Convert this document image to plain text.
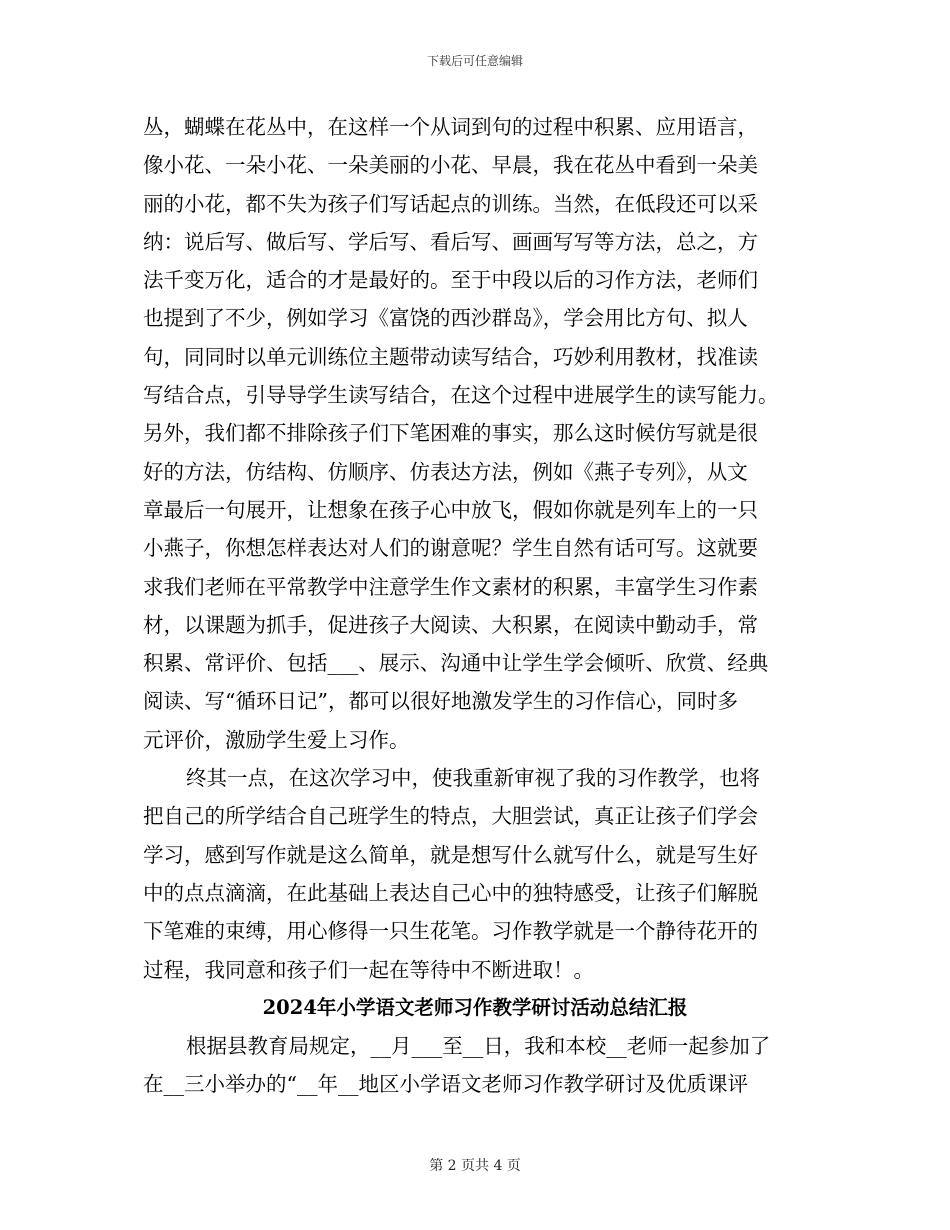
下载后可任意编辑
丛，蝴蝶在花丛中，在这样一个从词到句的过程中积累、应用语言，
像小花、一朵小花、一朵美丽的小花、早晨，我在花丛中看到一朵美
丽的小花，都不失为孩子们写话起点的训练。当然，在低段还可以采
纳：说后写、做后写、学后写、看后写、画画写写等方法，总之，方
法千变万化，适合的才是最好的。至于中段以后的习作方法，老师们
也提到了不少，例如学习《富饶的西沙群岛》，学会用比方句、拟人
句，同同时以单元训练位主题带动读写结合，巧妙利用教材，找准读
写结合点，引导导学生读写结合，在这个过程中进展学生的读写能力。
另外，我们都不排除孩子们下笔困难的事实，那么这时候仿写就是很
好的方法，仿结构、仿顺序、仿表达方法，例如《燕子专列》，从文
章最后一句展开，让想象在孩子心中放飞，假如你就是列车上的一只
小燕子，你想怎样表达对人们的谢意呢？学生自然有话可写。这就要
求我们老师在平常教学中注意学生作文素材的积累，丰富学生习作素
材，以课题为抓手，促进孩子大阅读、大积累，在阅读中勤动手，常
积累、常评价、包括___、展示、沟通中让学生学会倾听、欣赏、经典
阅读、写“循环日记”，都可以很好地激发学生的习作信心，同时多
元评价，激励学生爱上习作。
终其一点，在这次学习中，使我重新审视了我的习作教学，也将
把自己的所学结合自己班学生的特点，大胆尝试，真正让孩子们学会
学习，感到写作就是这么简单，就是想写什么就写什么，就是写生好
中的点点滴滴，在此基础上表达自己心中的独特感受，让孩子们解脱
下笔难的束缚，用心修得一只生花笔。习作教学就是一个静待花开的
过程，我同意和孩子们一起在等待中不断进取！。
2024年小学语文老师习作教学研讨活动总结汇报
根据县教育局规定，__月___至__日，我和本校__老师一起参加了
在__三小举办的“__年__地区小学语文老师习作教学研讨及优质课评
第 2 页共 4 页
